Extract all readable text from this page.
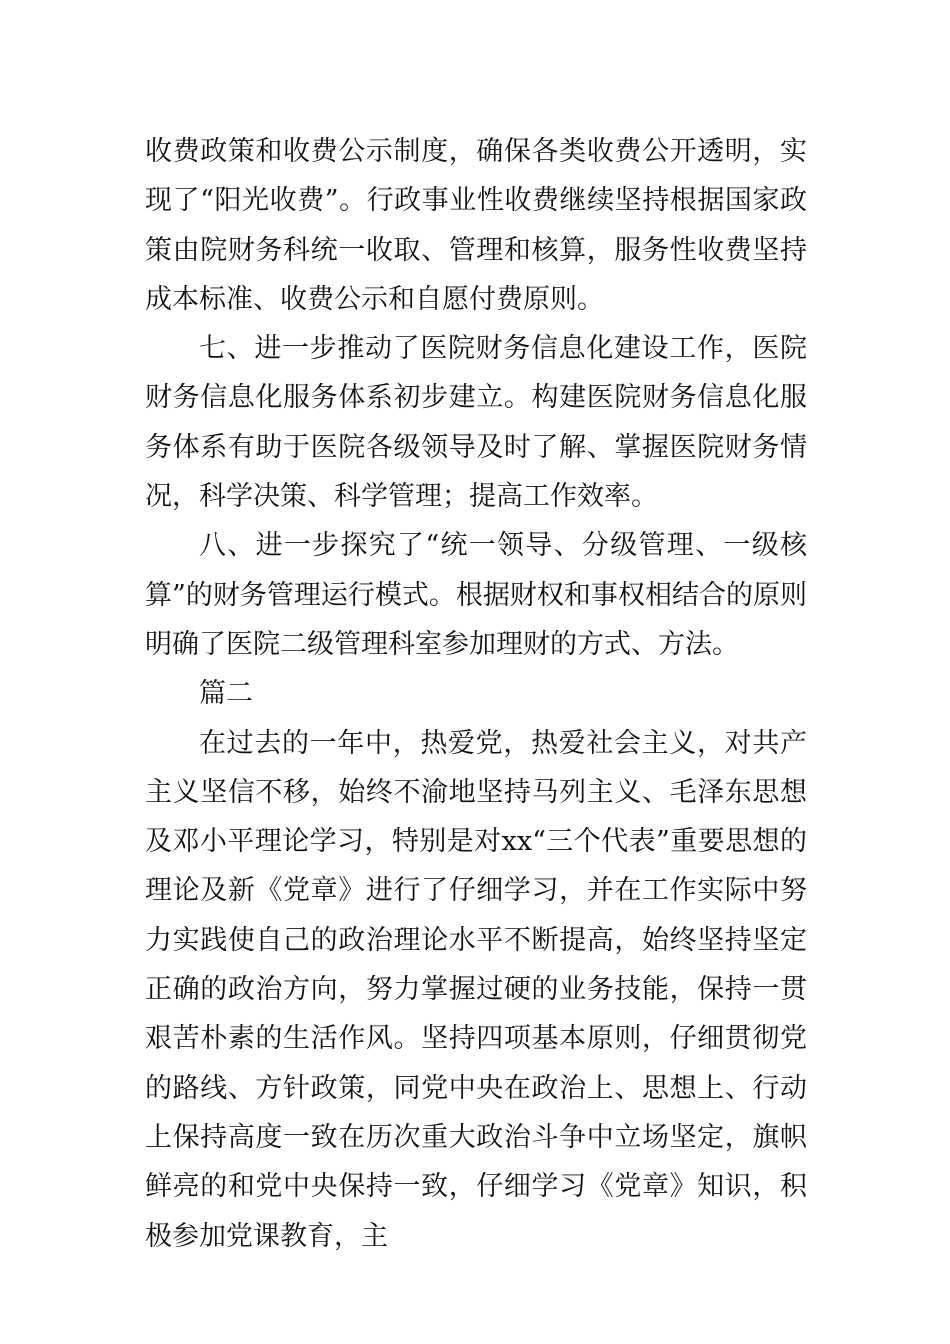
收费政策和收费公示制度，确保各类收费公开透明，实现了“阳光收费”。行政事业性收费继续坚持根据国家政策由院财务科统一收取、管理和核算，服务性收费坚持成本标准、收费公示和自愿付费原则。

七、进一步推动了医院财务信息化建设工作，医院财务信息化服务体系初步建立。构建医院财务信息化服务体系有助于医院各级领导及时了解、掌握医院财务情况，科学决策、科学管理；提高工作效率。

八、进一步探究了“统一领导、分级管理、一级核算”的财务管理运行模式。根据财权和事权相结合的原则明确了医院二级管理科室参加理财的方式、方法。

篇二

在过去的一年中，热爱党，热爱社会主义，对共产主义坚信不移，始终不渝地坚持马列主义、毛泽东思想及邓小平理论学习，特别是对xx“三个代表”重要思想的理论及新《党章》进行了仔细学习，并在工作实际中努力实践使自己的政治理论水平不断提高，始终坚持坚定正确的政治方向，努力掌握过硬的业务技能，保持一贯艰苦朴素的生活作风。坚持四项基本原则，仔细贯彻党的路线、方针政策，同党中央在政治上、思想上、行动上保持高度一致在历次重大政治斗争中立场坚定，旗帜鲜亮的和党中央保持一致，仔细学习《党章》知识，积极参加党课教育，主
